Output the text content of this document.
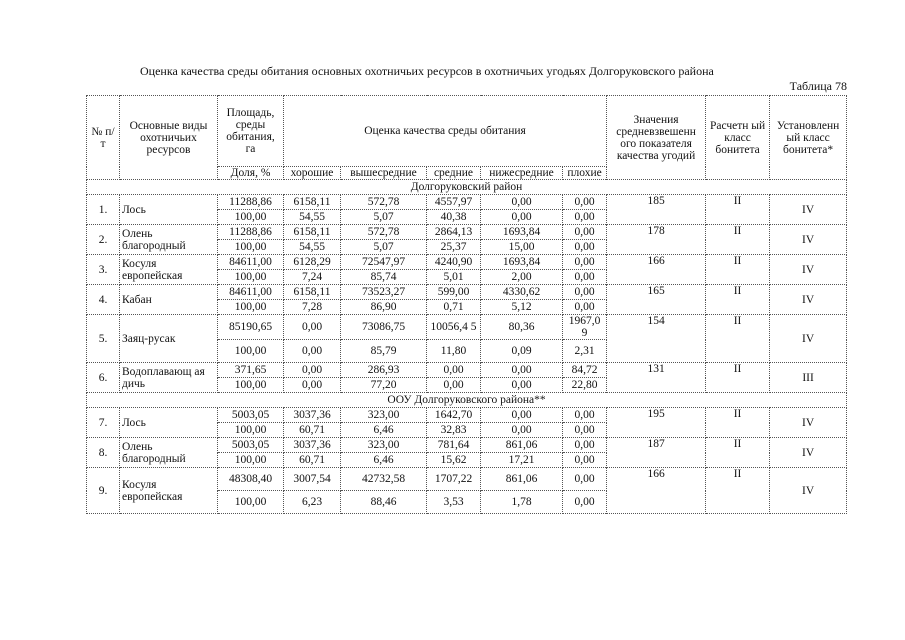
Оценка качества среды обитания основных охотничьих ресурсов в охотничьих угодьях Долгоруковского района
Таблица 78
№ п/т	Основные виды охотничьих ресурсов	Площадь, среды обитания, га	Оценка качества среды обитания					Значения средневзвешенн ого показателя качества угодий	Расчетн ый класс бонитета	Установленн ый класс бонитета*
		Доля, %	хорошие	вышесредние	средние	нижесредние	плохие			
Долгоруковский район										
1.	Лось	11288,86	6158,11	572,78	4557,97	0,00	0,00	185	II	IV
		100,00	54,55	5,07	40,38	0,00	0,00			
2.	Олень благородный	11288,86	6158,11	572,78	2864,13	1693,84	0,00	178	II	IV
		100,00	54,55	5,07	25,37	15,00	0,00			
3.	Косуля европейская	84611,00	6128,29	72547,97	4240,90	1693,84	0,00	166	II	IV
		100,00	7,24	85,74	5,01	2,00	0,00			
4.	Кабан	84611,00	6158,11	73523,27	599,00	4330,62	0,00	165	II	IV
		100,00	7,28	86,90	0,71	5,12	0,00			
5.	Заяц-русак	85190,65	0,00	73086,75	10056,4 5	80,36	1967,0 9	154	II	IV
		100,00	0,00	85,79	11,80	0,09	2,31			
6.	Водоплавающ ая дичь	371,65	0,00	286,93	0,00	0,00	84,72	131	II	III
		100,00	0,00	77,20	0,00	0,00	22,80			
ООУ Долгоруковского района**										
7.	Лось	5003,05	3037,36	323,00	1642,70	0,00	0,00	195	II	IV
		100,00	60,71	6,46	32,83	0,00	0,00			
8.	Олень благородный	5003,05	3037,36	323,00	781,64	861,06	0,00	187	II	IV
		100,00	60,71	6,46	15,62	17,21	0,00			
9.	Косуля европейская	48308,40	3007,54	42732,58	1707,22	861,06	0,00	166	II	IV
		100,00	6,23	88,46	3,53	1,78	0,00			
